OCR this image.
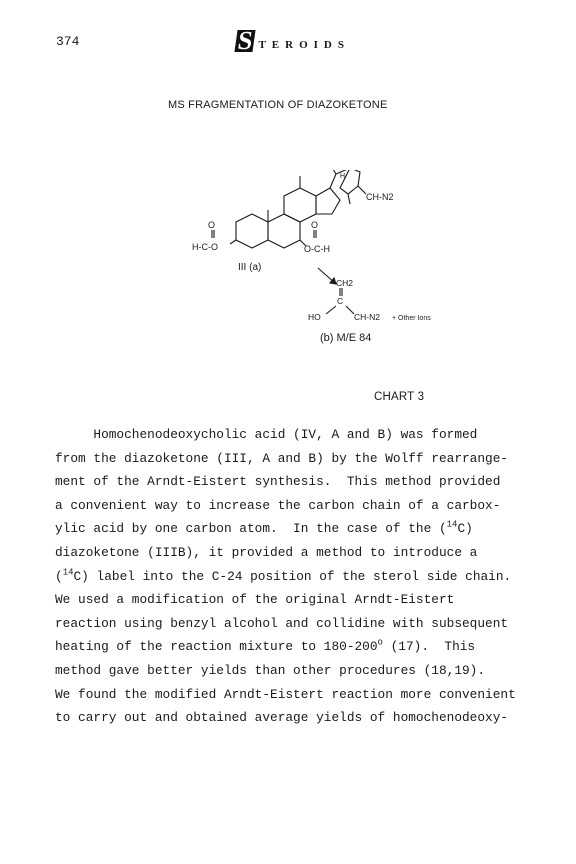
374	S TEROIDS
MS FRAGMENTATION OF DIAZOKETONE
H
CH-N2
O
H-C-O
O
O-C-H
III (a)
CH2
C
HO	CH-N2 + Other Ions
(b) M/E 84
CHART 3
Homochenodeoxycholic acid (IV, A and B) was formed
from the diazoketone (III, A and B) by the Wolff rearrange-
ment of the Arndt-Eistert synthesis.  This method provided
a convenient way to increase the carbon chain of a carbox-
ylic acid by one carbon atom.  In the case of the ($^{14}$C)
diazoketone (IIIB), it provided a method to introduce a
($^{14}$C) label into the C-24 position of the sterol side chain.
We used a modification of the original Arndt-Eistert
reaction using benzyl alcohol and collidine with subsequent
heating of the reaction mixture to 180-200$^o$ (17).  This
method gave better yields than other procedures (18,19).
We found the modified Arndt-Eistert reaction more convenient
to carry out and obtained average yields of homochenodeoxy-
